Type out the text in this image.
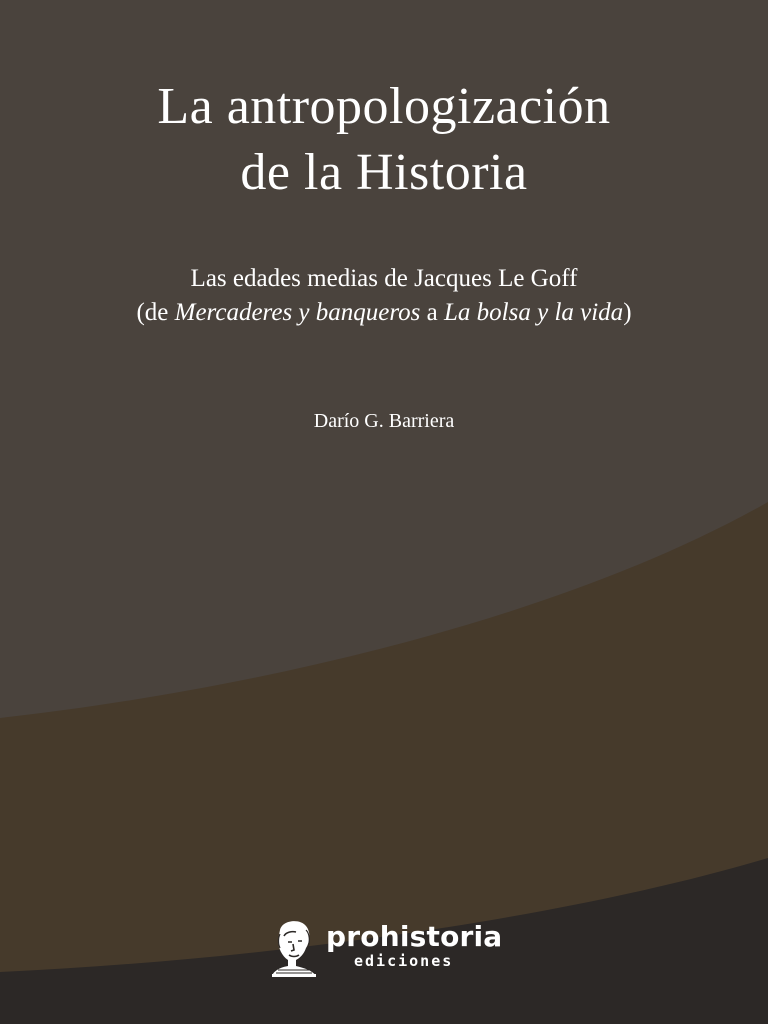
La antropologización
de la Historia
Las edades medias de Jacques Le Goff
(de Mercaderes y banqueros a La bolsa y la vida)
Darío G. Barriera
prohistoria
ediciones
